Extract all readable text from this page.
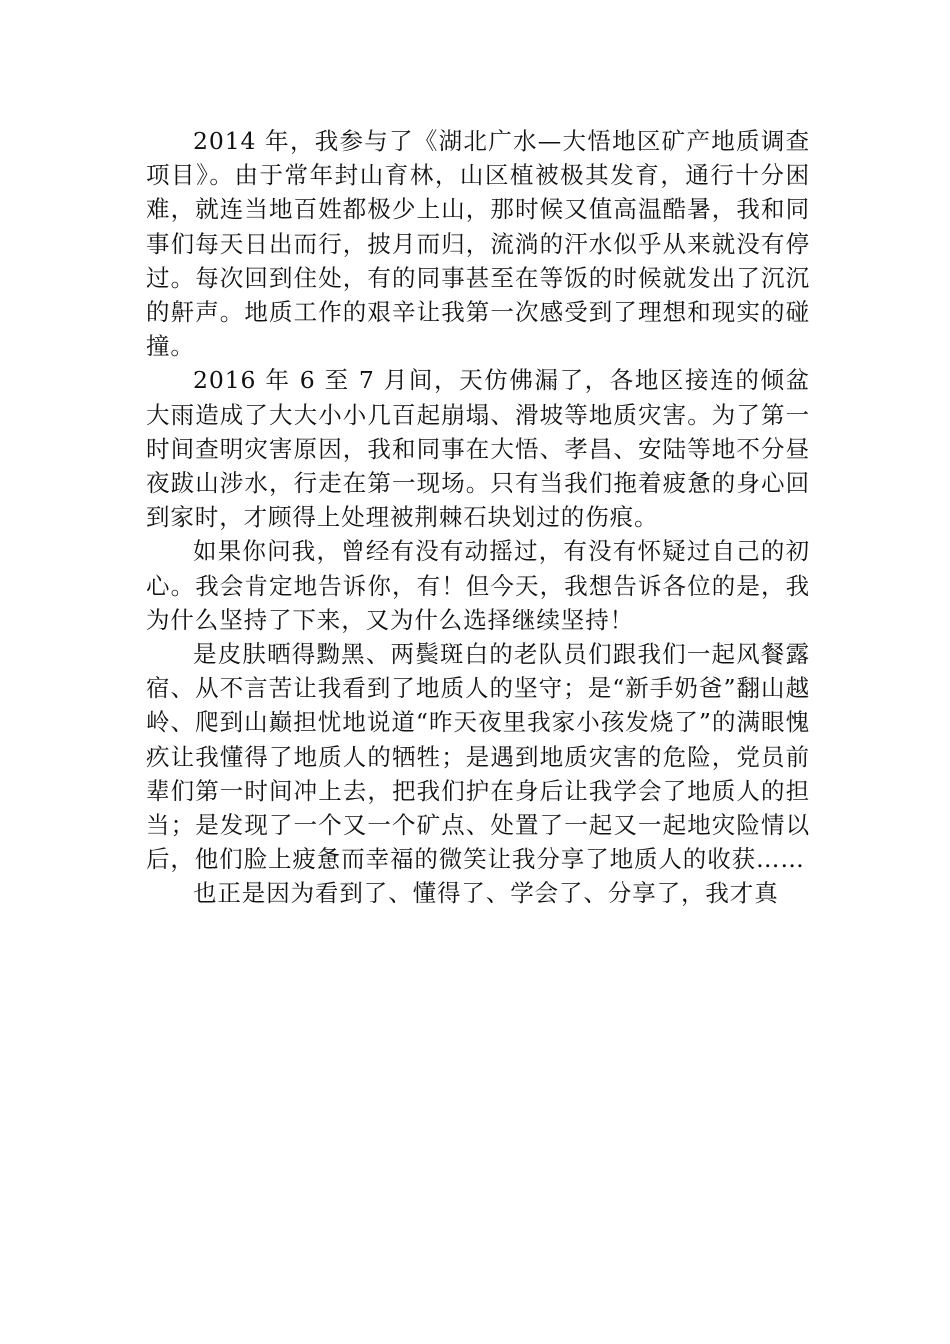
2014 年，我参与了《湖北广水—大悟地区矿产地质调查项目》。由于常年封山育林，山区植被极其发育，通行十分困难，就连当地百姓都极少上山，那时候又值高温酷暑，我和同事们每天日出而行，披月而归，流淌的汗水似乎从来就没有停过。每次回到住处，有的同事甚至在等饭的时候就发出了沉沉的鼾声。地质工作的艰辛让我第一次感受到了理想和现实的碰撞。

2016 年 6 至 7 月间，天仿佛漏了，各地区接连的倾盆大雨造成了大大小小几百起崩塌、滑坡等地质灾害。为了第一时间查明灾害原因，我和同事在大悟、孝昌、安陆等地不分昼夜跋山涉水，行走在第一现场。只有当我们拖着疲惫的身心回到家时，才顾得上处理被荆棘石块划过的伤痕。

如果你问我，曾经有没有动摇过，有没有怀疑过自己的初心。我会肯定地告诉你，有！但今天，我想告诉各位的是，我为什么坚持了下来，又为什么选择继续坚持！

是皮肤晒得黝黑、两鬓斑白的老队员们跟我们一起风餐露宿、从不言苦让我看到了地质人的坚守；是“新手奶爸”翻山越岭、爬到山巅担忧地说道“昨天夜里我家小孩发烧了”的满眼愧疚让我懂得了地质人的牺牲；是遇到地质灾害的危险，党员前辈们第一时间冲上去，把我们护在身后让我学会了地质人的担当；是发现了一个又一个矿点、处置了一起又一起地灾险情以后，他们脸上疲惫而幸福的微笑让我分享了地质人的收获……

也正是因为看到了、懂得了、学会了、分享了，我才真
